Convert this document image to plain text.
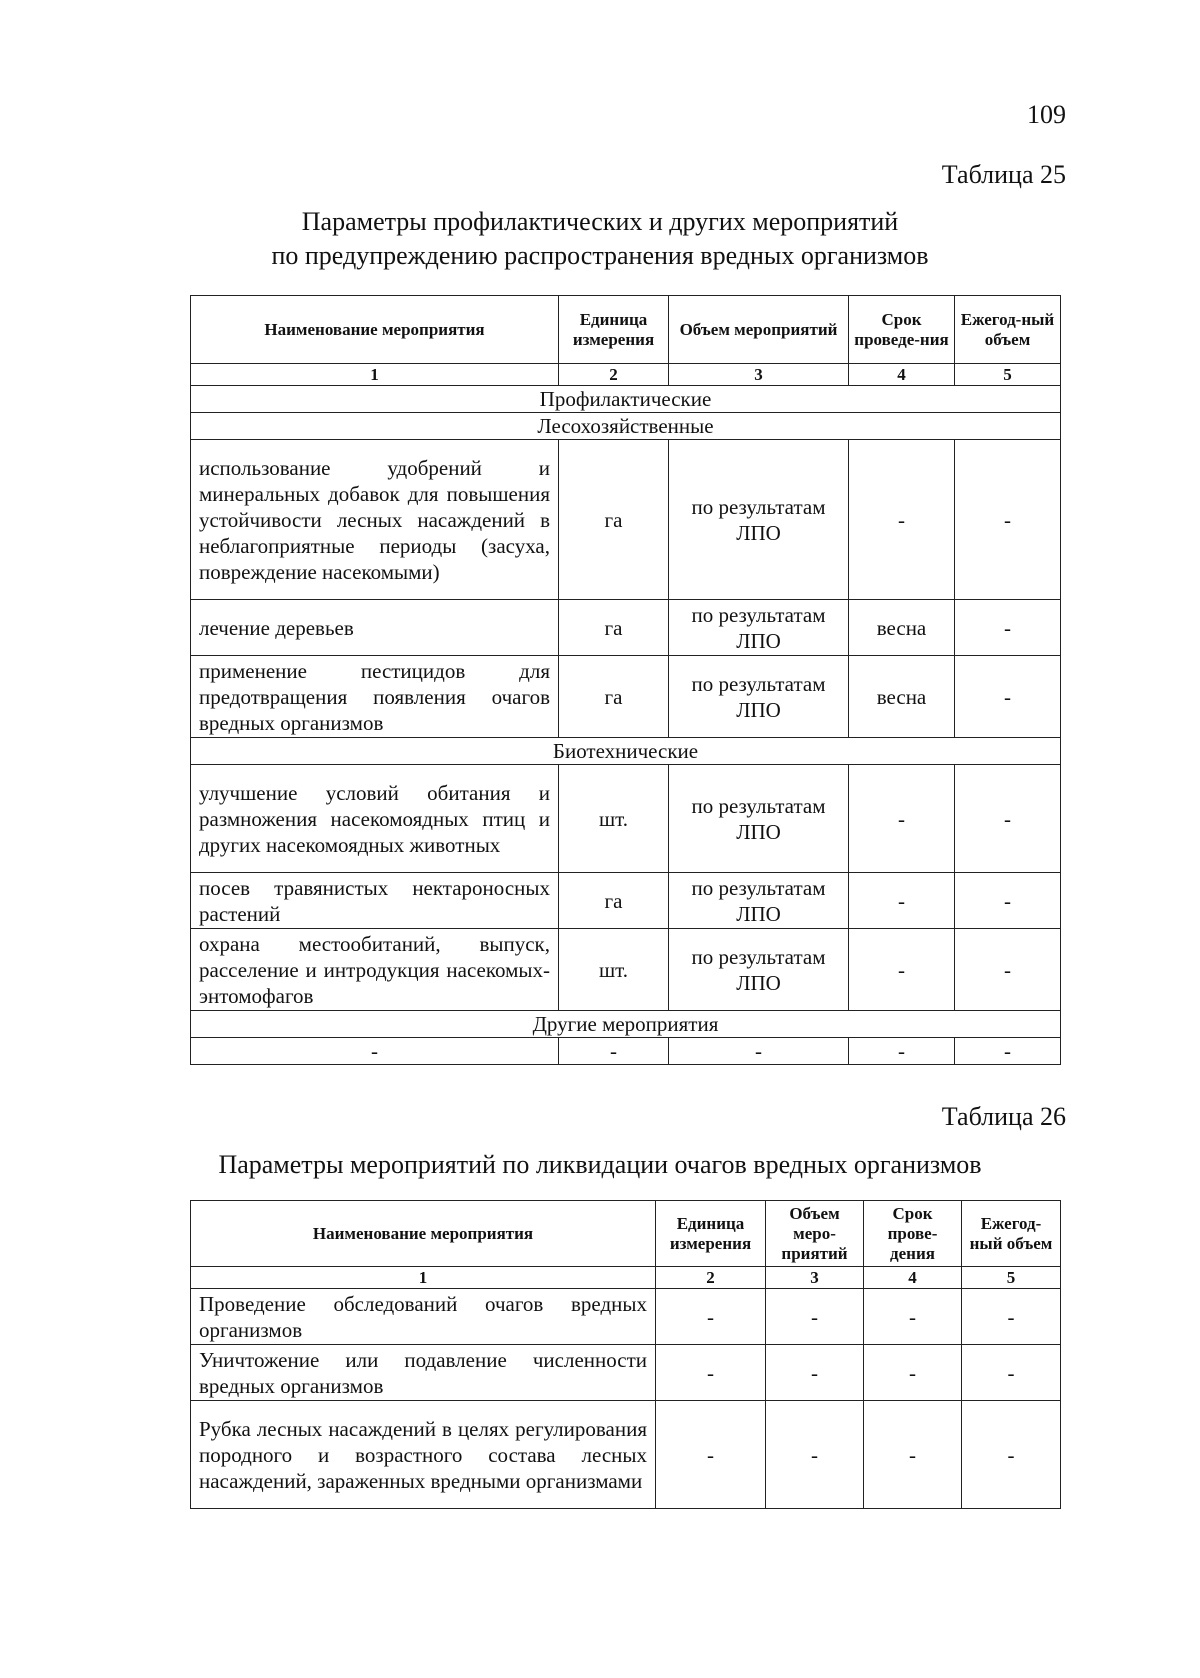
109
Таблица 25
Параметры профилактических и других мероприятий
по предупреждению распространения вредных организмов
Наименование мероприятия	Единица измерения	Объем мероприятий	Срок проведе-ния	Ежегод-ный объем
1	2	3	4	5
Профилактические				
Лесохозяйственные				
использование удобрений и минеральных добавок для повышения устойчивости лесных насаждений в неблагоприятные периоды (засуха, повреждение насекомыми)	га	по результатам ЛПО	-	-
лечение деревьев	га	по результатам ЛПО	весна	-
применение пестицидов для предотвращения появления очагов вредных организмов	га	по результатам ЛПО	весна	-
Биотехнические				
улучшение условий обитания и размножения насекомоядных птиц и других насекомоядных животных	шт.	по результатам ЛПО	-	-
посев травянистых нектароносных растений	га	по результатам ЛПО	-	-
охрана местообитаний, выпуск, расселение и интродукция насекомых-энтомофагов	шт.	по результатам ЛПО	-	-
Другие мероприятия				
-	-	-	-	-
Таблица 26
Параметры мероприятий по ликвидации очагов вредных организмов
Наименование мероприятия	Единица измерения	Объем меро-приятий	Срок прове-дения	Ежегод-ный объем
1	2	3	4	5
Проведение обследований очагов вредных организмов	-	-	-	-
Уничтожение или подавление численности вредных организмов	-	-	-	-
Рубка лесных насаждений в целях регулирования породного и возрастного состава лесных насаждений, зараженных вредными организмами	-	-	-	-
